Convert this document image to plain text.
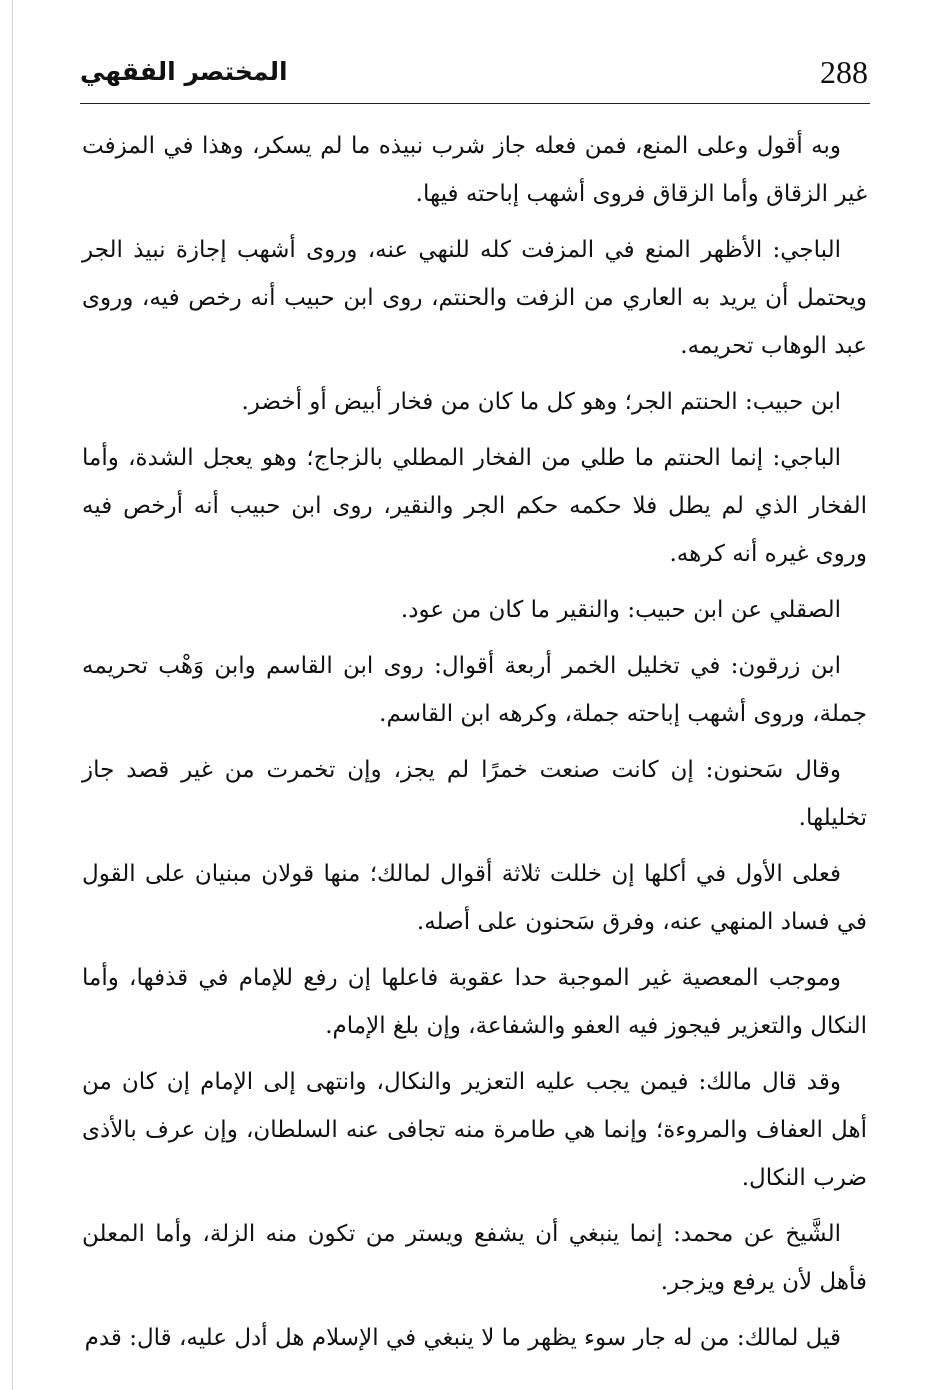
المختصر الفقهي	288

وبه أقول وعلى المنع، فمن فعله جاز شرب نبيذه ما لم يسكر، وهذا في المزفت غير الزقاق وأما الزقاق فروى أشهب إباحته فيها.

الباجي: الأظهر المنع في المزفت كله للنهي عنه، وروى أشهب إجازة نبيذ الجر ويحتمل أن يريد به العاري من الزفت والحنتم، روى ابن حبيب أنه رخص فيه، وروى عبد الوهاب تحريمه.

ابن حبيب: الحنتم الجر؛ وهو كل ما كان من فخار أبيض أو أخضر.

الباجي: إنما الحنتم ما طلي من الفخار المطلي بالزجاج؛ وهو يعجل الشدة، وأما الفخار الذي لم يطل فلا حكمه حكم الجر والنقير، روى ابن حبيب أنه أرخص فيه وروى غيره أنه كرهه.

الصقلي عن ابن حبيب: والنقير ما كان من عود.

ابن زرقون: في تخليل الخمر أربعة أقوال: روى ابن القاسم وابن وَهْب تحريمه جملة، وروى أشهب إباحته جملة، وكرهه ابن القاسم.

وقال سَحنون: إن كانت صنعت خمرًا لم يجز، وإن تخمرت من غير قصد جاز تخليلها.

فعلى الأول في أكلها إن خللت ثلاثة أقوال لمالك؛ منها قولان مبنيان على القول في فساد المنهي عنه، وفرق سَحنون على أصله.

وموجب المعصية غير الموجبة حدا عقوبة فاعلها إن رفع للإمام في قذفها، وأما النكال والتعزير فيجوز فيه العفو والشفاعة، وإن بلغ الإمام.

وقد قال مالك: فيمن يجب عليه التعزير والنكال، وانتهى إلى الإمام إن كان من أهل العفاف والمروءة؛ وإنما هي طامرة منه تجافى عنه السلطان، وإن عرف بالأذى ضرب النكال.

الشَّيخ عن محمد: إنما ينبغي أن يشفع ويستر من تكون منه الزلة، وأما المعلن فأهل لأن يرفع ويزجر.

قيل لمالك: من له جار سوء يظهر ما لا ينبغي في الإسلام هل أدل عليه، قال: قدم
